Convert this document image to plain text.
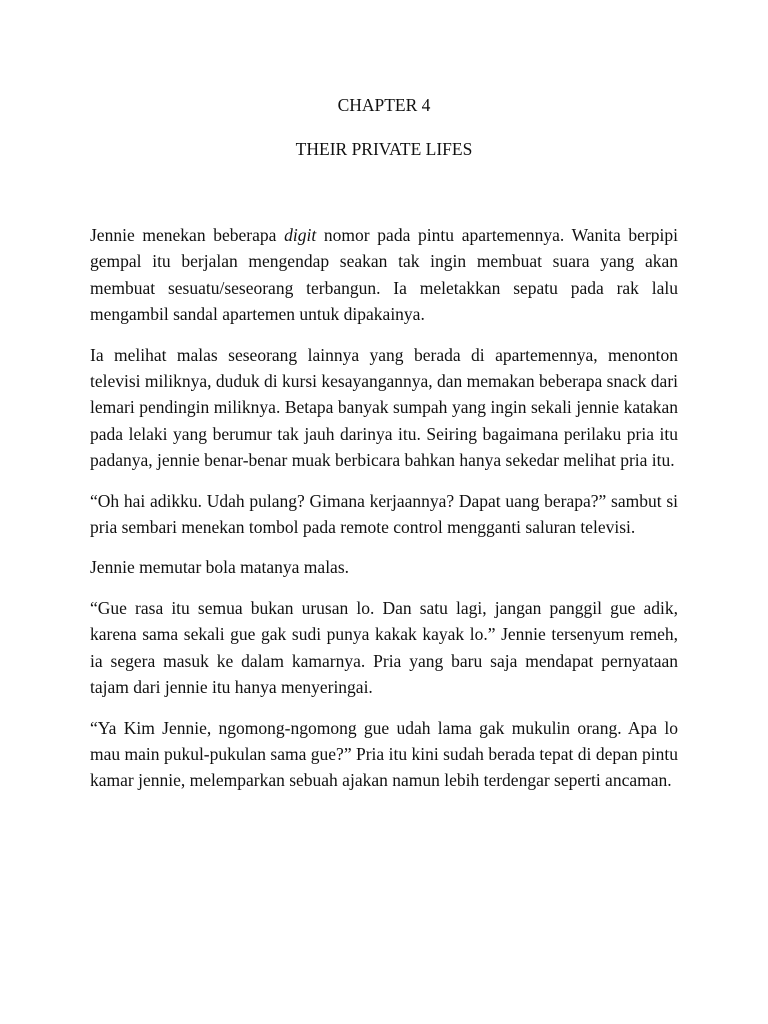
CHAPTER 4
THEIR PRIVATE LIFES

Jennie menekan beberapa digit nomor pada pintu apartemennya. Wanita berpipi gempal itu berjalan mengendap seakan tak ingin membuat suara yang akan membuat sesuatu/seseorang terbangun. Ia meletakkan sepatu pada rak lalu mengambil sandal apartemen untuk dipakainya.

Ia melihat malas seseorang lainnya yang berada di apartemennya, menonton televisi miliknya, duduk di kursi kesayangannya, dan memakan beberapa snack dari lemari pendingin miliknya. Betapa banyak sumpah yang ingin sekali jennie katakan pada lelaki yang berumur tak jauh darinya itu. Seiring bagaimana perilaku pria itu padanya, jennie benar-benar muak berbicara bahkan hanya sekedar melihat pria itu.

“Oh hai adikku. Udah pulang? Gimana kerjaannya? Dapat uang berapa?” sambut si pria sembari menekan tombol pada remote control mengganti saluran televisi.

Jennie memutar bola matanya malas.

“Gue rasa itu semua bukan urusan lo. Dan satu lagi, jangan panggil gue adik, karena sama sekali gue gak sudi punya kakak kayak lo.” Jennie tersenyum remeh, ia segera masuk ke dalam kamarnya. Pria yang baru saja mendapat pernyataan tajam dari jennie itu hanya menyeringai.

“Ya Kim Jennie, ngomong-ngomong gue udah lama gak mukulin orang. Apa lo mau main pukul-pukulan sama gue?” Pria itu kini sudah berada tepat di depan pintu kamar jennie, melemparkan sebuah ajakan namun lebih terdengar seperti ancaman.
